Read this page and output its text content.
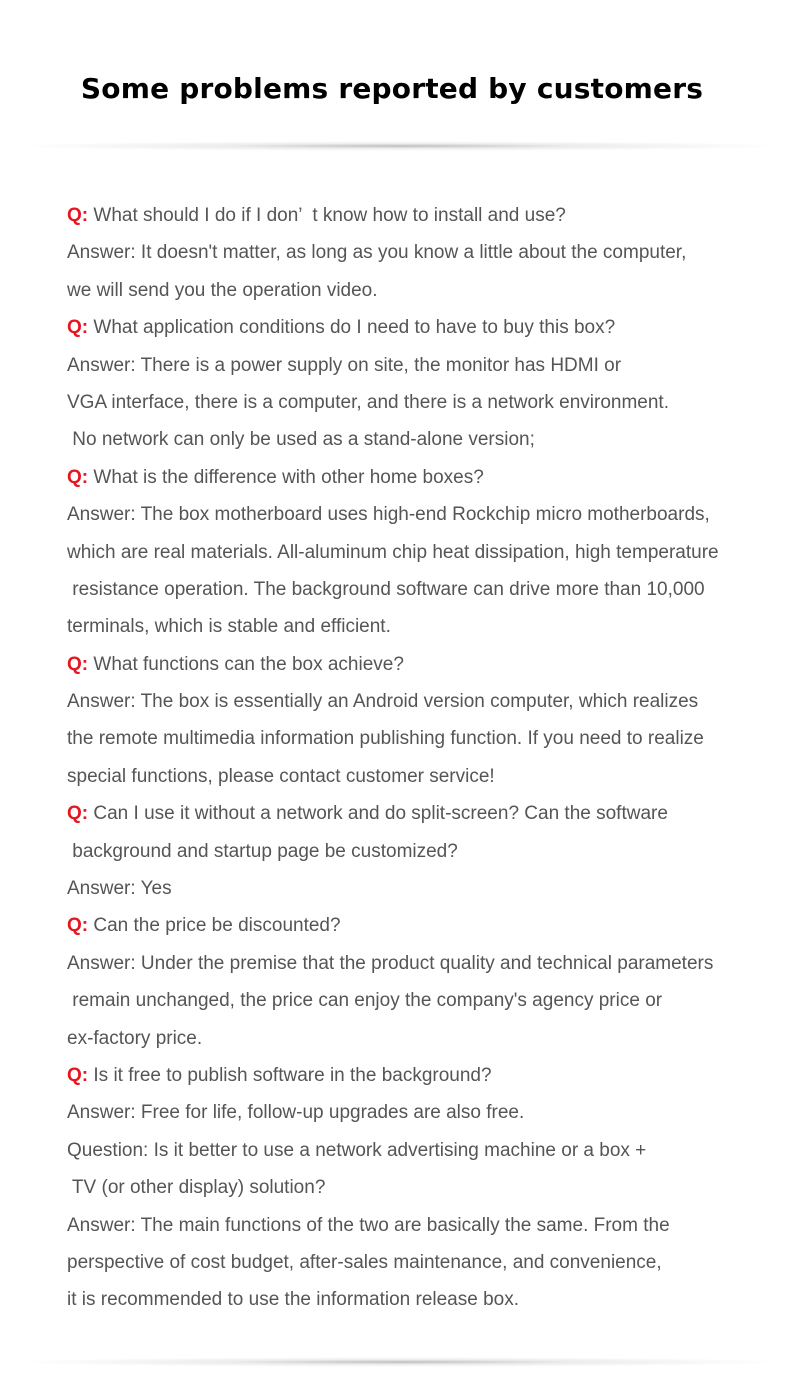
Some problems reported by customers
Q: What should I do if I don’  t know how to install and use?
Answer: It doesn't matter, as long as you know a little about the computer,
we will send you the operation video.
Q: What application conditions do I need to have to buy this box?
Answer: There is a power supply on site, the monitor has HDMI or
VGA interface, there is a computer, and there is a network environment.
No network can only be used as a stand-alone version;
Q: What is the difference with other home boxes?
Answer: The box motherboard uses high-end Rockchip micro motherboards,
which are real materials. All-aluminum chip heat dissipation, high temperature
resistance operation. The background software can drive more than 10,000
terminals, which is stable and efficient.
Q: What functions can the box achieve?
Answer: The box is essentially an Android version computer, which realizes
the remote multimedia information publishing function. If you need to realize
special functions, please contact customer service!
Q: Can I use it without a network and do split-screen? Can the software
background and startup page be customized?
Answer: Yes
Q: Can the price be discounted?
Answer: Under the premise that the product quality and technical parameters
remain unchanged, the price can enjoy the company's agency price or
ex-factory price.
Q: Is it free to publish software in the background?
Answer: Free for life, follow-up upgrades are also free.
Question: Is it better to use a network advertising machine or a box +
TV (or other display) solution?
Answer: The main functions of the two are basically the same. From the
perspective of cost budget, after-sales maintenance, and convenience,
it is recommended to use the information release box.
